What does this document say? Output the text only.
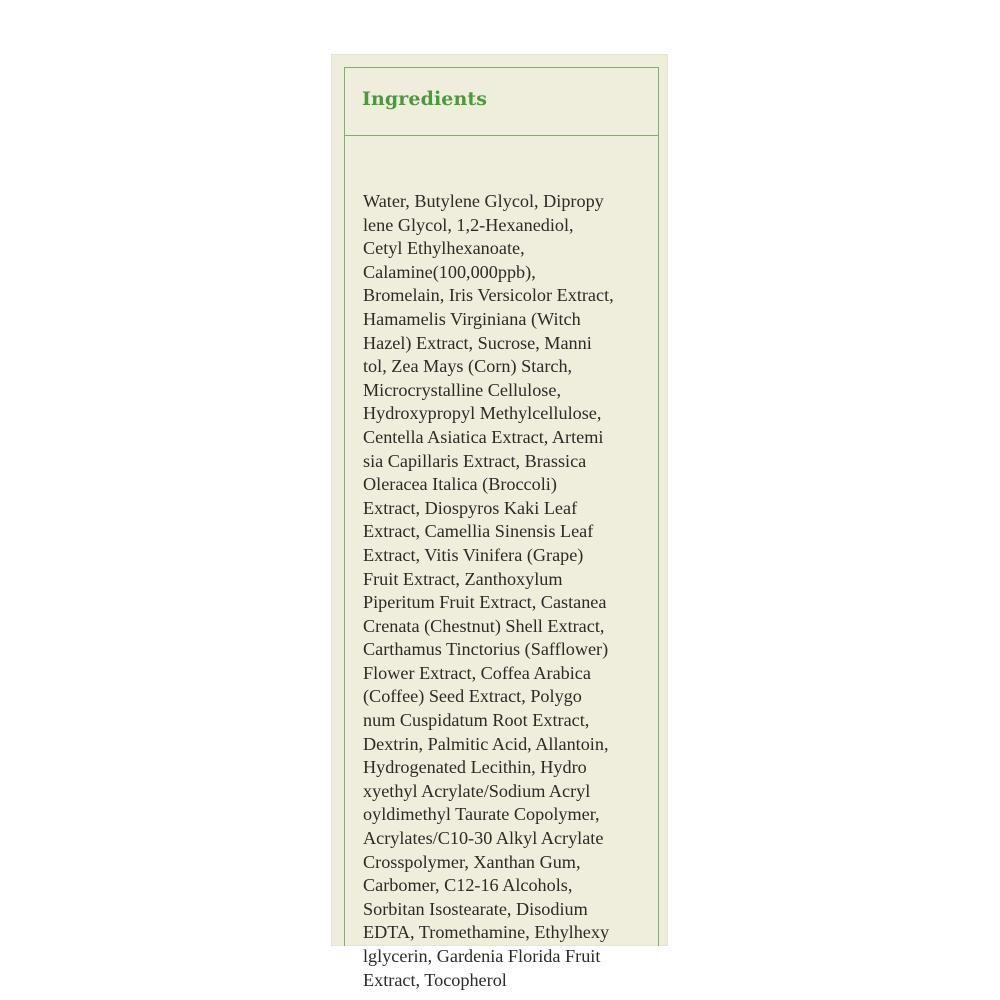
Ingredients
Water, Butylene Glycol, Dipropy
lene Glycol, 1,2-Hexanediol,
Cetyl Ethylhexanoate,
Calamine(100,000ppb),
Bromelain, Iris Versicolor Extract,
Hamamelis Virginiana (Witch
Hazel) Extract, Sucrose, Manni
tol, Zea Mays (Corn) Starch,
Microcrystalline Cellulose,
Hydroxypropyl Methylcellulose,
Centella Asiatica Extract, Artemi
sia Capillaris Extract, Brassica
Oleracea Italica (Broccoli)
Extract, Diospyros Kaki Leaf
Extract, Camellia Sinensis Leaf
Extract, Vitis Vinifera (Grape)
Fruit Extract, Zanthoxylum
Piperitum Fruit Extract, Castanea
Crenata (Chestnut) Shell Extract,
Carthamus Tinctorius (Safflower)
Flower Extract, Coffea Arabica
(Coffee) Seed Extract, Polygo
num Cuspidatum Root Extract,
Dextrin, Palmitic Acid, Allantoin,
Hydrogenated Lecithin, Hydro
xyethyl Acrylate/Sodium Acryl
oyldimethyl Taurate Copolymer,
Acrylates/C10-30 Alkyl Acrylate
Crosspolymer, Xanthan Gum,
Carbomer, C12-16 Alcohols,
Sorbitan Isostearate, Disodium
EDTA, Tromethamine, Ethylhexy
lglycerin, Gardenia Florida Fruit
Extract, Tocopherol
